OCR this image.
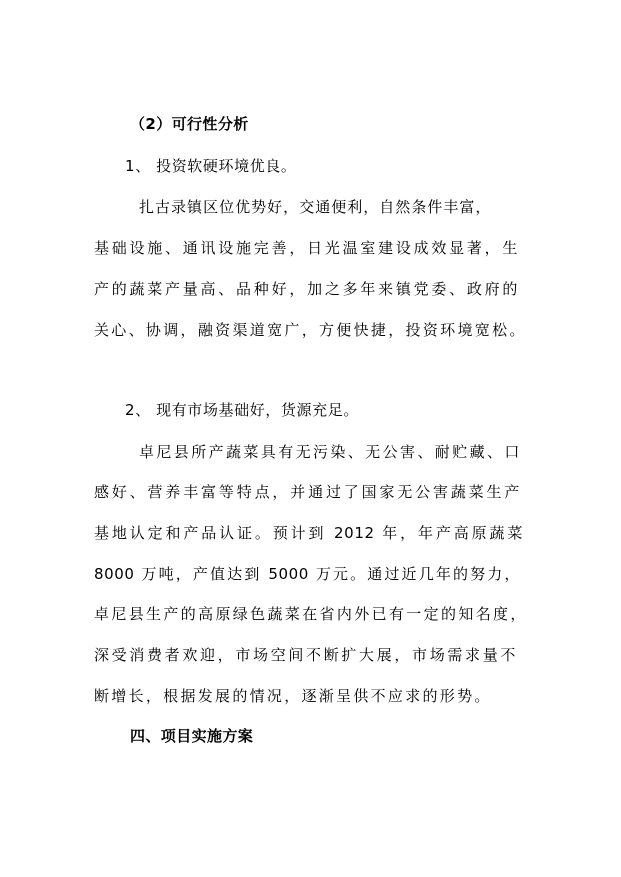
（2）可行性分析
1、 投资软硬环境优良。
扎古录镇区位优势好，交通便利，自然条件丰富，
基础设施、通讯设施完善，日光温室建设成效显著，生
产的蔬菜产量高、品种好，加之多年来镇党委、政府的
关心、协调，融资渠道宽广，方便快捷，投资环境宽松。
2、 现有市场基础好，货源充足。
卓尼县所产蔬菜具有无污染、无公害、耐贮藏、口
感好、营养丰富等特点，并通过了国家无公害蔬菜生产
基地认定和产品认证。预计到 2012 年，年产高原蔬菜
8000 万吨，产值达到 5000 万元。通过近几年的努力，
卓尼县生产的高原绿色蔬菜在省内外已有一定的知名度，
深受消费者欢迎，市场空间不断扩大展，市场需求量不
断增长，根据发展的情况，逐渐呈供不应求的形势。
四、项目实施方案
